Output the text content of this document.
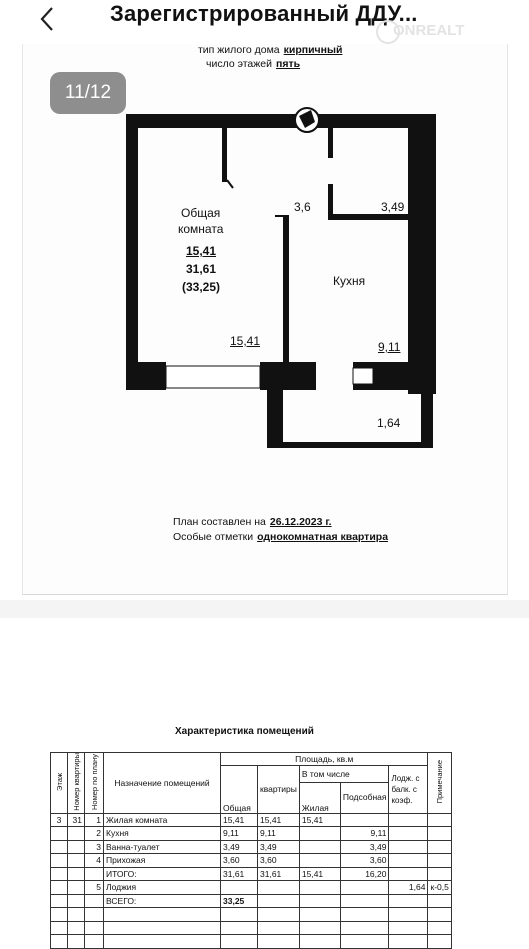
Зарегистрированный ДДУ...
ONREALT
тип жилого дома кирпичный
число этажей пять
Общая
комната
15,41
31,61
(33,25)
15,41
3,6	3,49
Кухня
9,11
1,64
План составлен на 26.12.2023 г.
Особые отметки однокомнатная квартира
11/12
Характеристика помещений
Этаж	Номер квартиры	Номер по плану	Назначение помещений	Площадь, кв.м					Примечание
				Общая	квартиры	В том числе		Лодж. с балк. с коэф.	
						Жилая	Подсобная		
3	31	1	Жилая комната	15,41	15,41	15,41			
		2	Кухня	9,11	9,11		9,11		
		3	Ванна-туалет	3,49	3,49		3,49		
		4	Прихожая	3,60	3,60		3,60		
			ИТОГО:	31,61	31,61	15,41	16,20		
		5	Лоджия					1,64	к-0,5
			ВСЕГО:	33,25					
